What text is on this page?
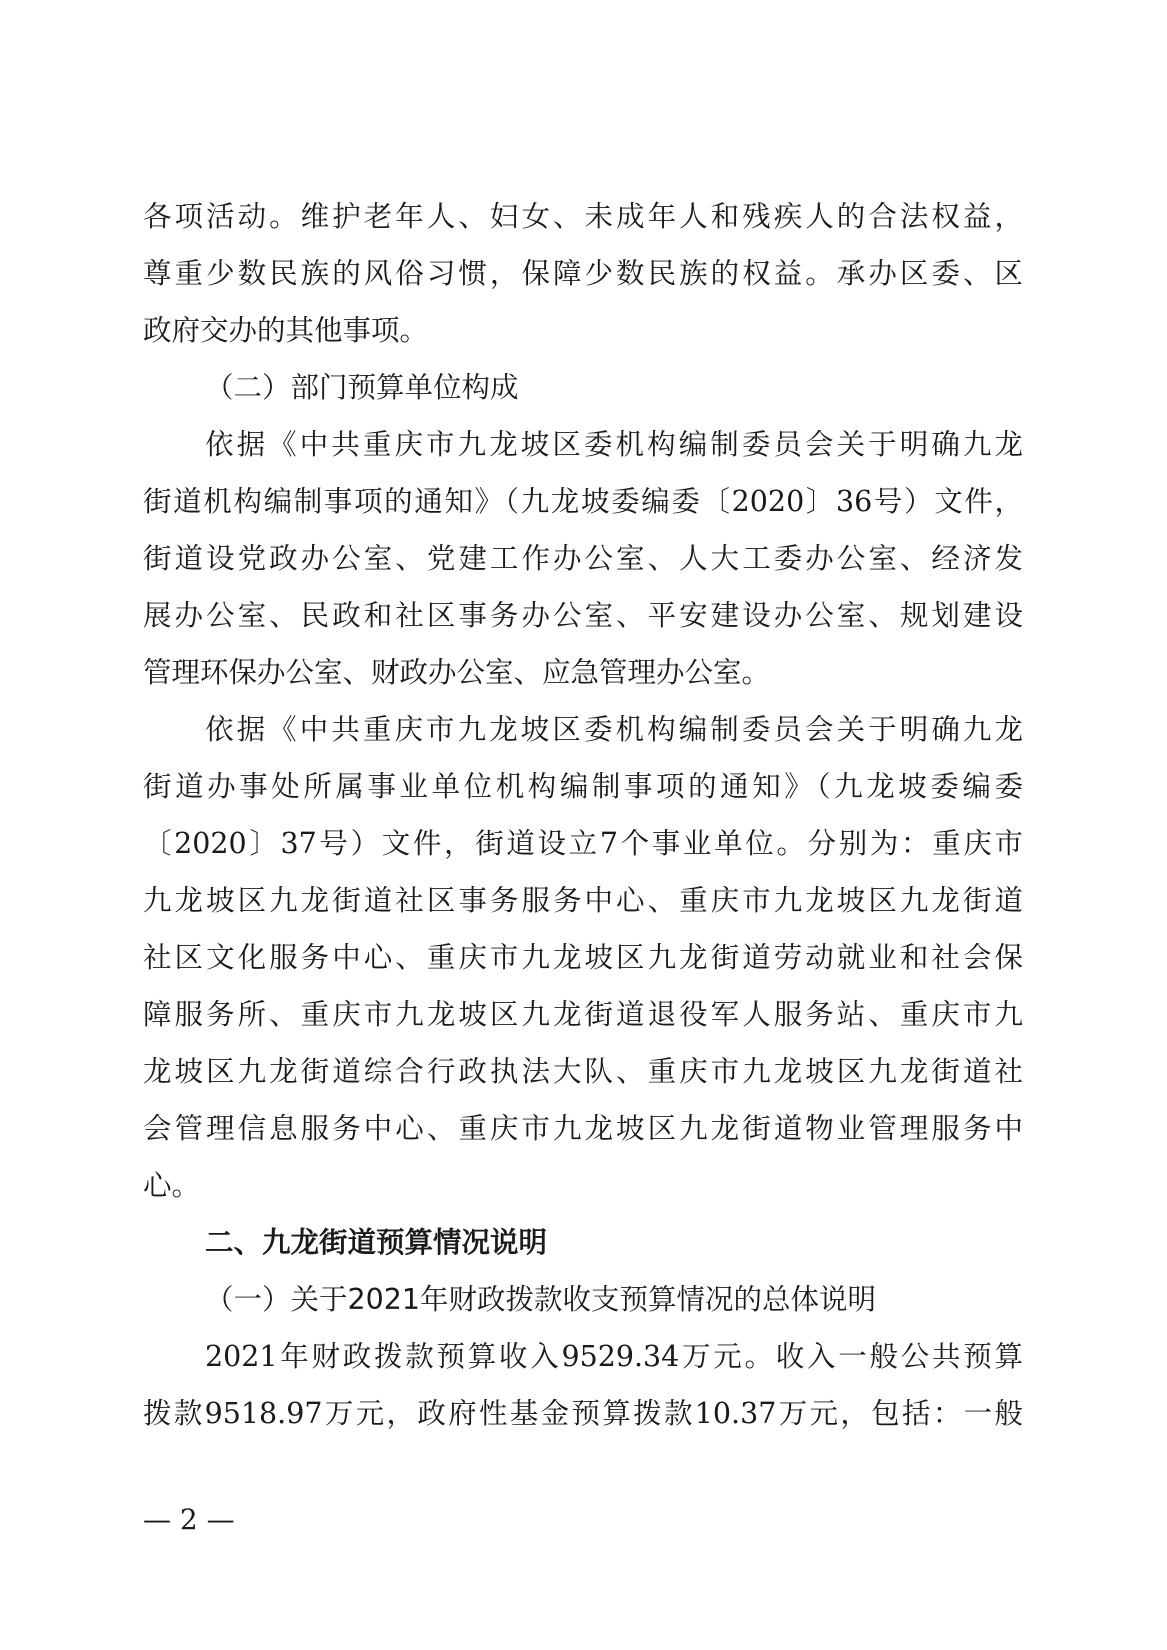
各项活动。维护老年人、妇女、未成年人和残疾人的合法权益，
尊重少数民族的风俗习惯，保障少数民族的权益。承办区委、区
政府交办的其他事项。
（二）部门预算单位构成
依据《中共重庆市九龙坡区委机构编制委员会关于明确九龙
街道机构编制事项的通知》（九龙坡委编委〔2020〕36号）文件，
街道设党政办公室、党建工作办公室、人大工委办公室、经济发
展办公室、民政和社区事务办公室、平安建设办公室、规划建设
管理环保办公室、财政办公室、应急管理办公室。
依据《中共重庆市九龙坡区委机构编制委员会关于明确九龙
街道办事处所属事业单位机构编制事项的通知》（九龙坡委编委
〔2020〕37号）文件，街道设立7个事业单位。分别为：重庆市
九龙坡区九龙街道社区事务服务中心、重庆市九龙坡区九龙街道
社区文化服务中心、重庆市九龙坡区九龙街道劳动就业和社会保
障服务所、重庆市九龙坡区九龙街道退役军人服务站、重庆市九
龙坡区九龙街道综合行政执法大队、重庆市九龙坡区九龙街道社
会管理信息服务中心、重庆市九龙坡区九龙街道物业管理服务中
心。
二、九龙街道预算情况说明
（一）关于2021年财政拨款收支预算情况的总体说明
2021年财政拨款预算收入9529.34万元。收入一般公共预算
拨款9518.97万元，政府性基金预算拨款10.37万元，包括：一般
— 2 —
